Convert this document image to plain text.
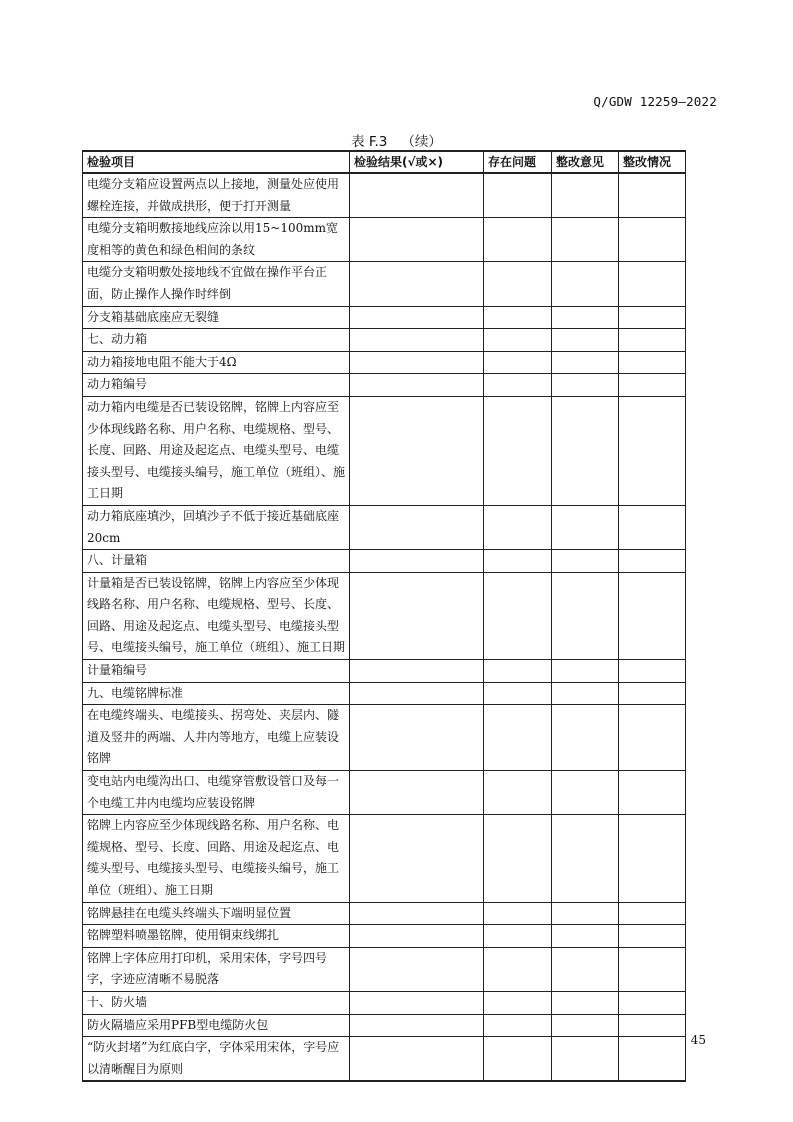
Q/GDW 12259—2022
表 F.3 （续）
检验项目	检验结果(√或×)	存在问题	整改意见	整改情况
电缆分支箱应设置两点以上接地，测量处应使用螺栓连接，并做成拱形，便于打开测量				
电缆分支箱明敷接地线应涂以用15~100mm宽度相等的黄色和绿色相间的条纹				
电缆分支箱明敷处接地线不宜做在操作平台正面，防止操作人操作时绊倒				
分支箱基础底座应无裂缝				
七、动力箱				
动力箱接地电阻不能大于4Ω				
动力箱编号				
动力箱内电缆是否已装设铭牌，铭牌上内容应至少体现线路名称、用户名称、电缆规格、型号、长度、回路、用途及起迄点、电缆头型号、电缆接头型号、电缆接头编号，施工单位（班组）、施工日期				
动力箱底座填沙，回填沙子不低于接近基础底座20cm				
八、计量箱				
计量箱是否已装设铭牌，铭牌上内容应至少体现线路名称、用户名称、电缆规格、型号、长度、回路、用途及起迄点、电缆头型号、电缆接头型号、电缆接头编号，施工单位（班组）、施工日期				
计量箱编号				
九、电缆铭牌标准				
在电缆终端头、电缆接头、拐弯处、夹层内、隧道及竖井的两端、人井内等地方，电缆上应装设铭牌				
变电站内电缆沟出口、电缆穿管敷设管口及每一个电缆工井内电缆均应装设铭牌				
铭牌上内容应至少体现线路名称、用户名称、电缆规格、型号、长度、回路、用途及起迄点、电缆头型号、电缆接头型号、电缆接头编号，施工单位（班组）、施工日期				
铭牌悬挂在电缆头终端头下端明显位置				
铭牌塑料喷墨铭牌，使用铜束线绑扎				
铭牌上字体应用打印机，采用宋体，字号四号字，字迹应清晰不易脱落				
十、防火墙				
防火隔墙应采用PFB型电缆防火包				
“防火封堵”为红底白字，字体采用宋体，字号应以清晰醒目为原则				
45
